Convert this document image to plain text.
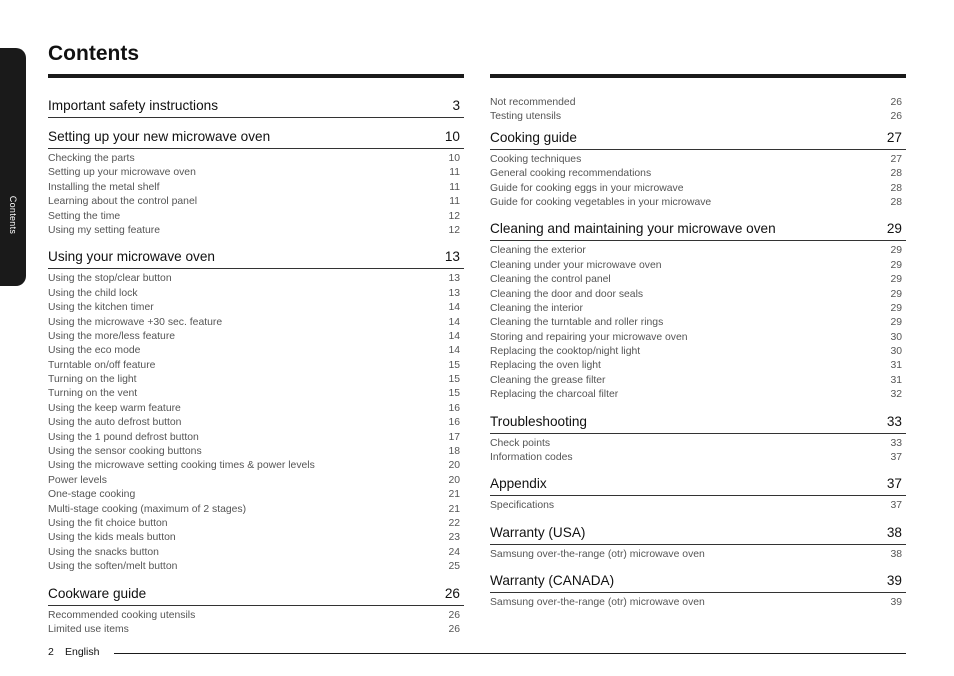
Contents
Contents
Important safety instructions	3
Setting up your new microwave oven	10
Checking the parts	10
Setting up your microwave oven	11
Installing the metal shelf	11
Learning about the control panel	11
Setting the time	12
Using my setting feature	12
Using your microwave oven	13
Using the stop/clear button	13
Using the child lock	13
Using the kitchen timer	14
Using the microwave +30 sec. feature	14
Using the more/less feature	14
Using the eco mode	14
Turntable on/off feature	15
Turning on the light	15
Turning on the vent	15
Using the keep warm feature	16
Using the auto defrost button	16
Using the 1 pound defrost button	17
Using the sensor cooking buttons	18
Using the microwave setting cooking times & power levels	20
Power levels	20
One-stage cooking	21
Multi-stage cooking (maximum of 2 stages)	21
Using the fit choice button	22
Using the kids meals button	23
Using the snacks button	24
Using the soften/melt button	25
Cookware guide	26
Recommended cooking utensils	26
Limited use items	26
Not recommended	26
Testing utensils	26
Cooking guide	27
Cooking techniques	27
General cooking recommendations	28
Guide for cooking eggs in your microwave	28
Guide for cooking vegetables in your microwave	28
Cleaning and maintaining your microwave oven	29
Cleaning the exterior	29
Cleaning under your microwave oven	29
Cleaning the control panel	29
Cleaning the door and door seals	29
Cleaning the interior	29
Cleaning the turntable and roller rings	29
Storing and repairing your microwave oven	30
Replacing the cooktop/night light	30
Replacing the oven light	31
Cleaning the grease filter	31
Replacing the charcoal filter	32
Troubleshooting	33
Check points	33
Information codes	37
Appendix	37
Specifications	37
Warranty (USA)	38
Samsung over-the-range (otr) microwave oven	38
Warranty (CANADA)	39
Samsung over-the-range (otr) microwave oven	39
2 English
